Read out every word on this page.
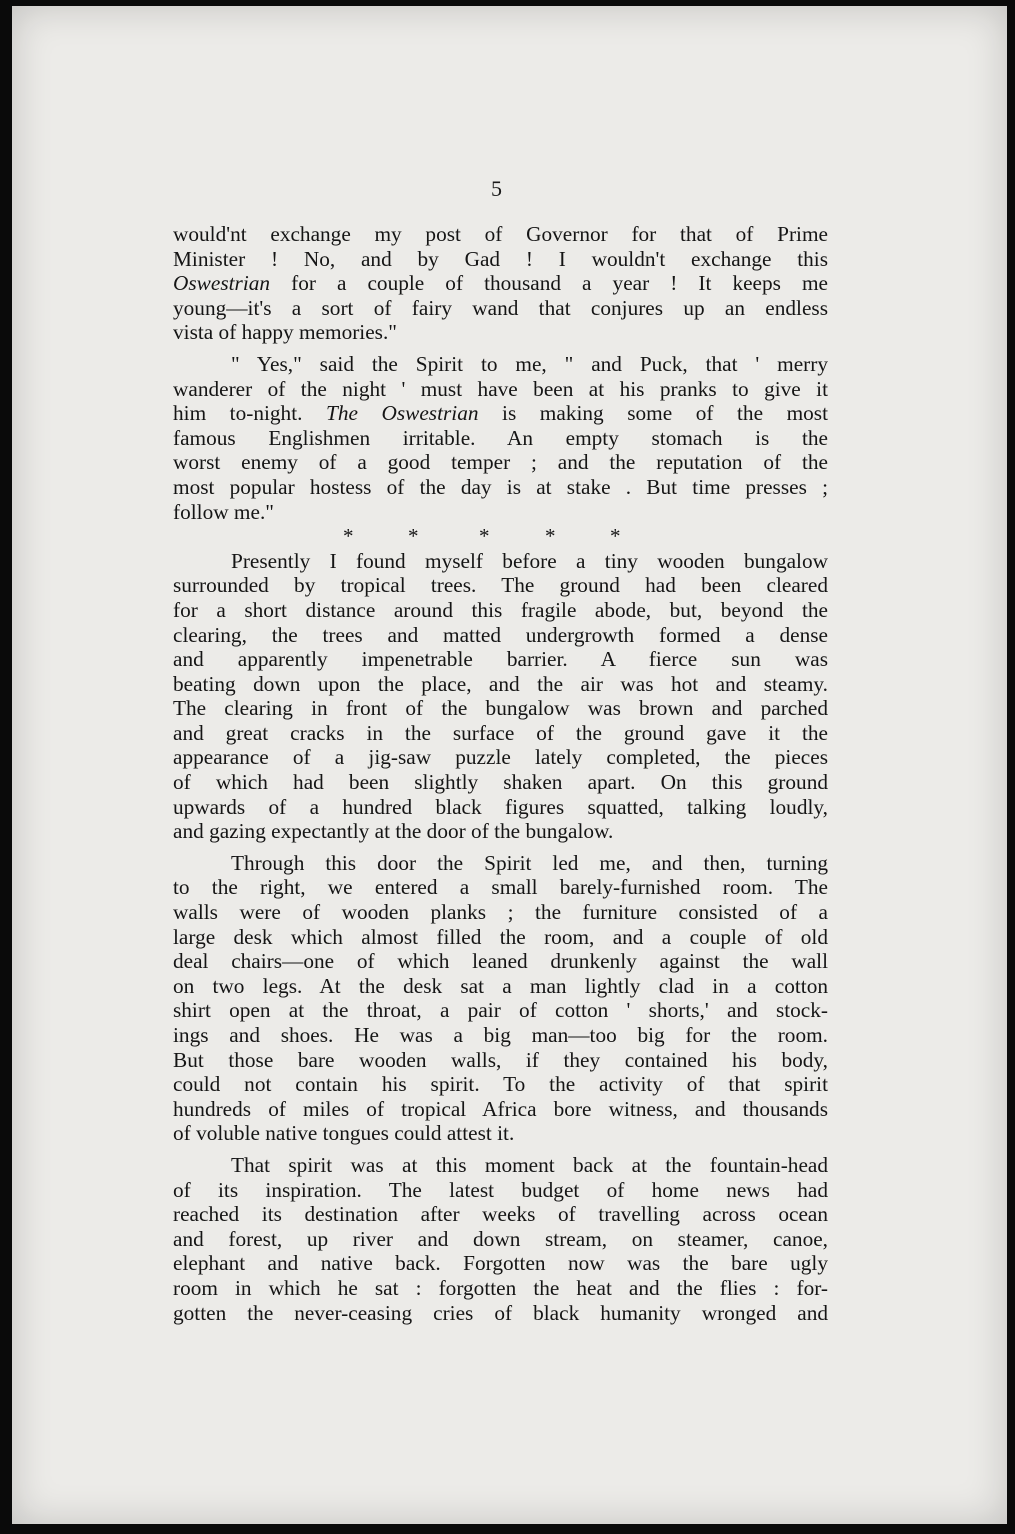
5
would'nt exchange my post of Governor for that of Prime
Minister ! No, and by Gad ! I wouldn't exchange this
Oswestrian for a couple of thousand a year ! It keeps me
young—it's a sort of fairy wand that conjures up an endless
vista of happy memories."
" Yes," said the Spirit to me, " and Puck, that ' merry
wanderer of the night ' must have been at his pranks to give it
him to-night. The Oswestrian is making some of the most
famous Englishmen irritable. An empty stomach is the
worst enemy of a good temper ; and the reputation of the
most popular hostess of the day is at stake . But time presses ;
follow me."
*	*	*	*	*
Presently I found myself before a tiny wooden bungalow
surrounded by tropical trees. The ground had been cleared
for a short distance around this fragile abode, but, beyond the
clearing, the trees and matted undergrowth formed a dense
and apparently impenetrable barrier. A fierce sun was
beating down upon the place, and the air was hot and steamy.
The clearing in front of the bungalow was brown and parched
and great cracks in the surface of the ground gave it the
appearance of a jig-saw puzzle lately completed, the pieces
of which had been slightly shaken apart. On this ground
upwards of a hundred black figures squatted, talking loudly,
and gazing expectantly at the door of the bungalow.
Through this door the Spirit led me, and then, turning
to the right, we entered a small barely-furnished room. The
walls were of wooden planks ; the furniture consisted of a
large desk which almost filled the room, and a couple of old
deal chairs—one of which leaned drunkenly against the wall
on two legs. At the desk sat a man lightly clad in a cotton
shirt open at the throat, a pair of cotton ' shorts,' and stock-
ings and shoes. He was a big man—too big for the room.
But those bare wooden walls, if they contained his body,
could not contain his spirit. To the activity of that spirit
hundreds of miles of tropical Africa bore witness, and thousands
of voluble native tongues could attest it.
That spirit was at this moment back at the fountain-head
of its inspiration. The latest budget of home news had
reached its destination after weeks of travelling across ocean
and forest, up river and down stream, on steamer, canoe,
elephant and native back. Forgotten now was the bare ugly
room in which he sat : forgotten the heat and the flies : for-
gotten the never-ceasing cries of black humanity wronged and
